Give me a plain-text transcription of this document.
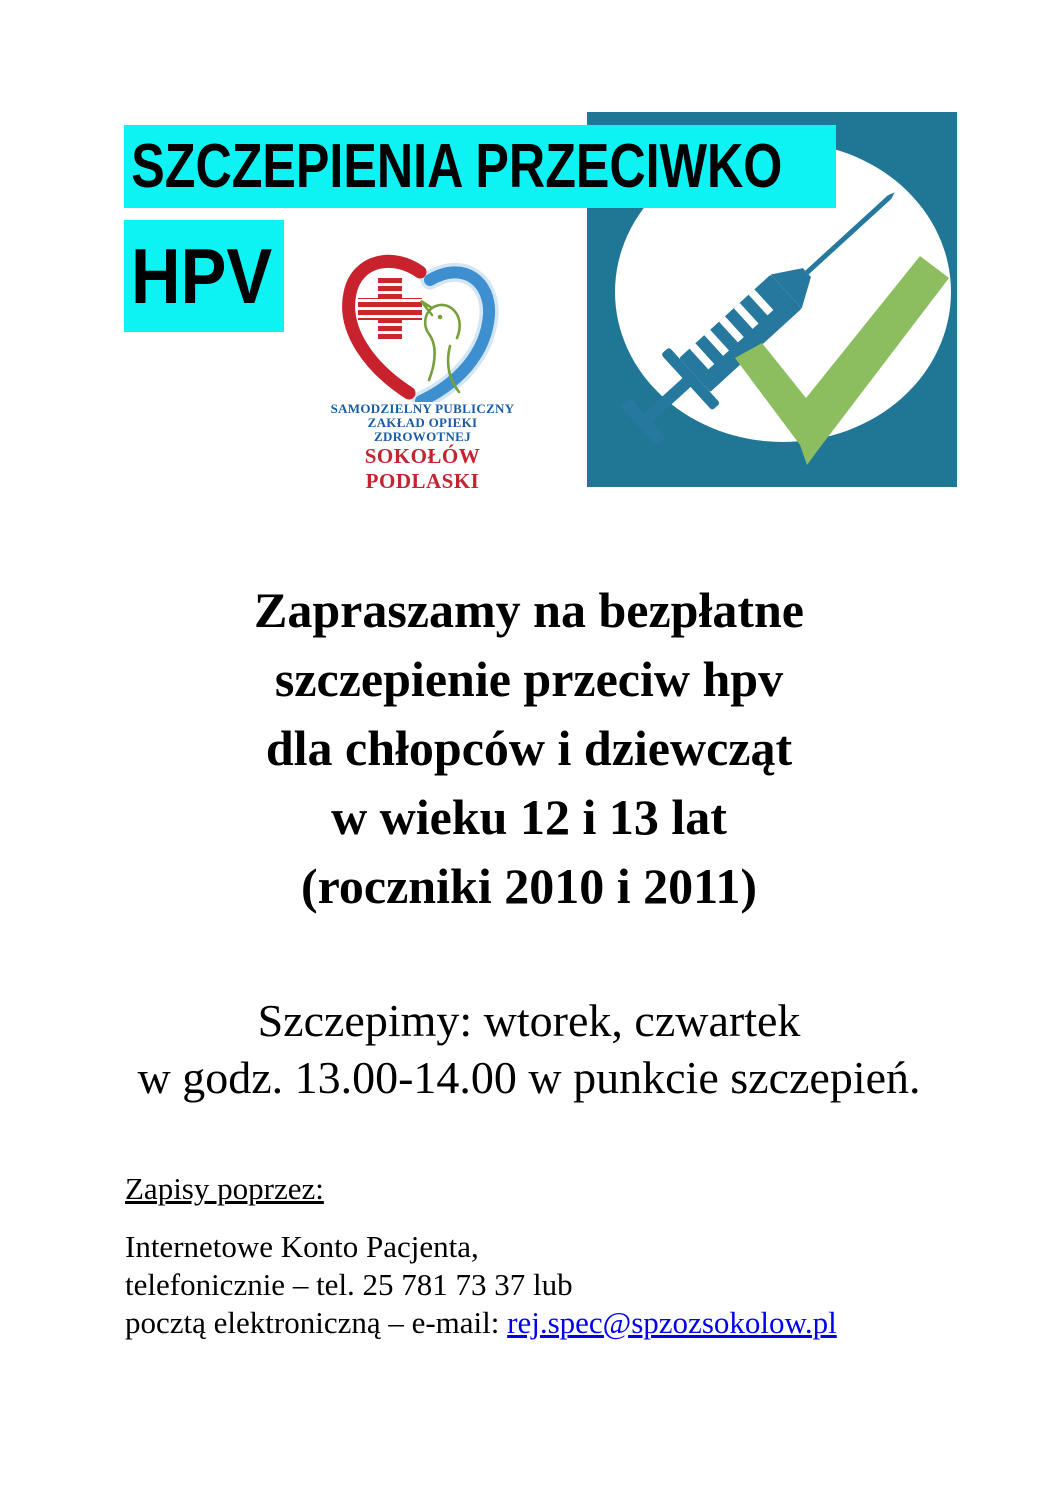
SZCZEPIENIA PRZECIWKO
HPV
SAMODZIELNY PUBLICZNY
ZAKŁAD OPIEKI ZDROWOTNEJ
SOKOŁÓW PODLASKI
Zapraszamy na bezpłatne
szczepienie przeciw hpv
dla chłopców i dziewcząt
w wieku 12 i 13 lat
(roczniki 2010 i 2011)
Szczepimy: wtorek, czwartek
w godz. 13.00-14.00 w punkcie szczepień.
Zapisy poprzez:
Internetowe Konto Pacjenta,
telefonicznie – tel. 25 781 73 37 lub
pocztą elektroniczną – e-mail: rej.spec@spzozsokolow.pl
